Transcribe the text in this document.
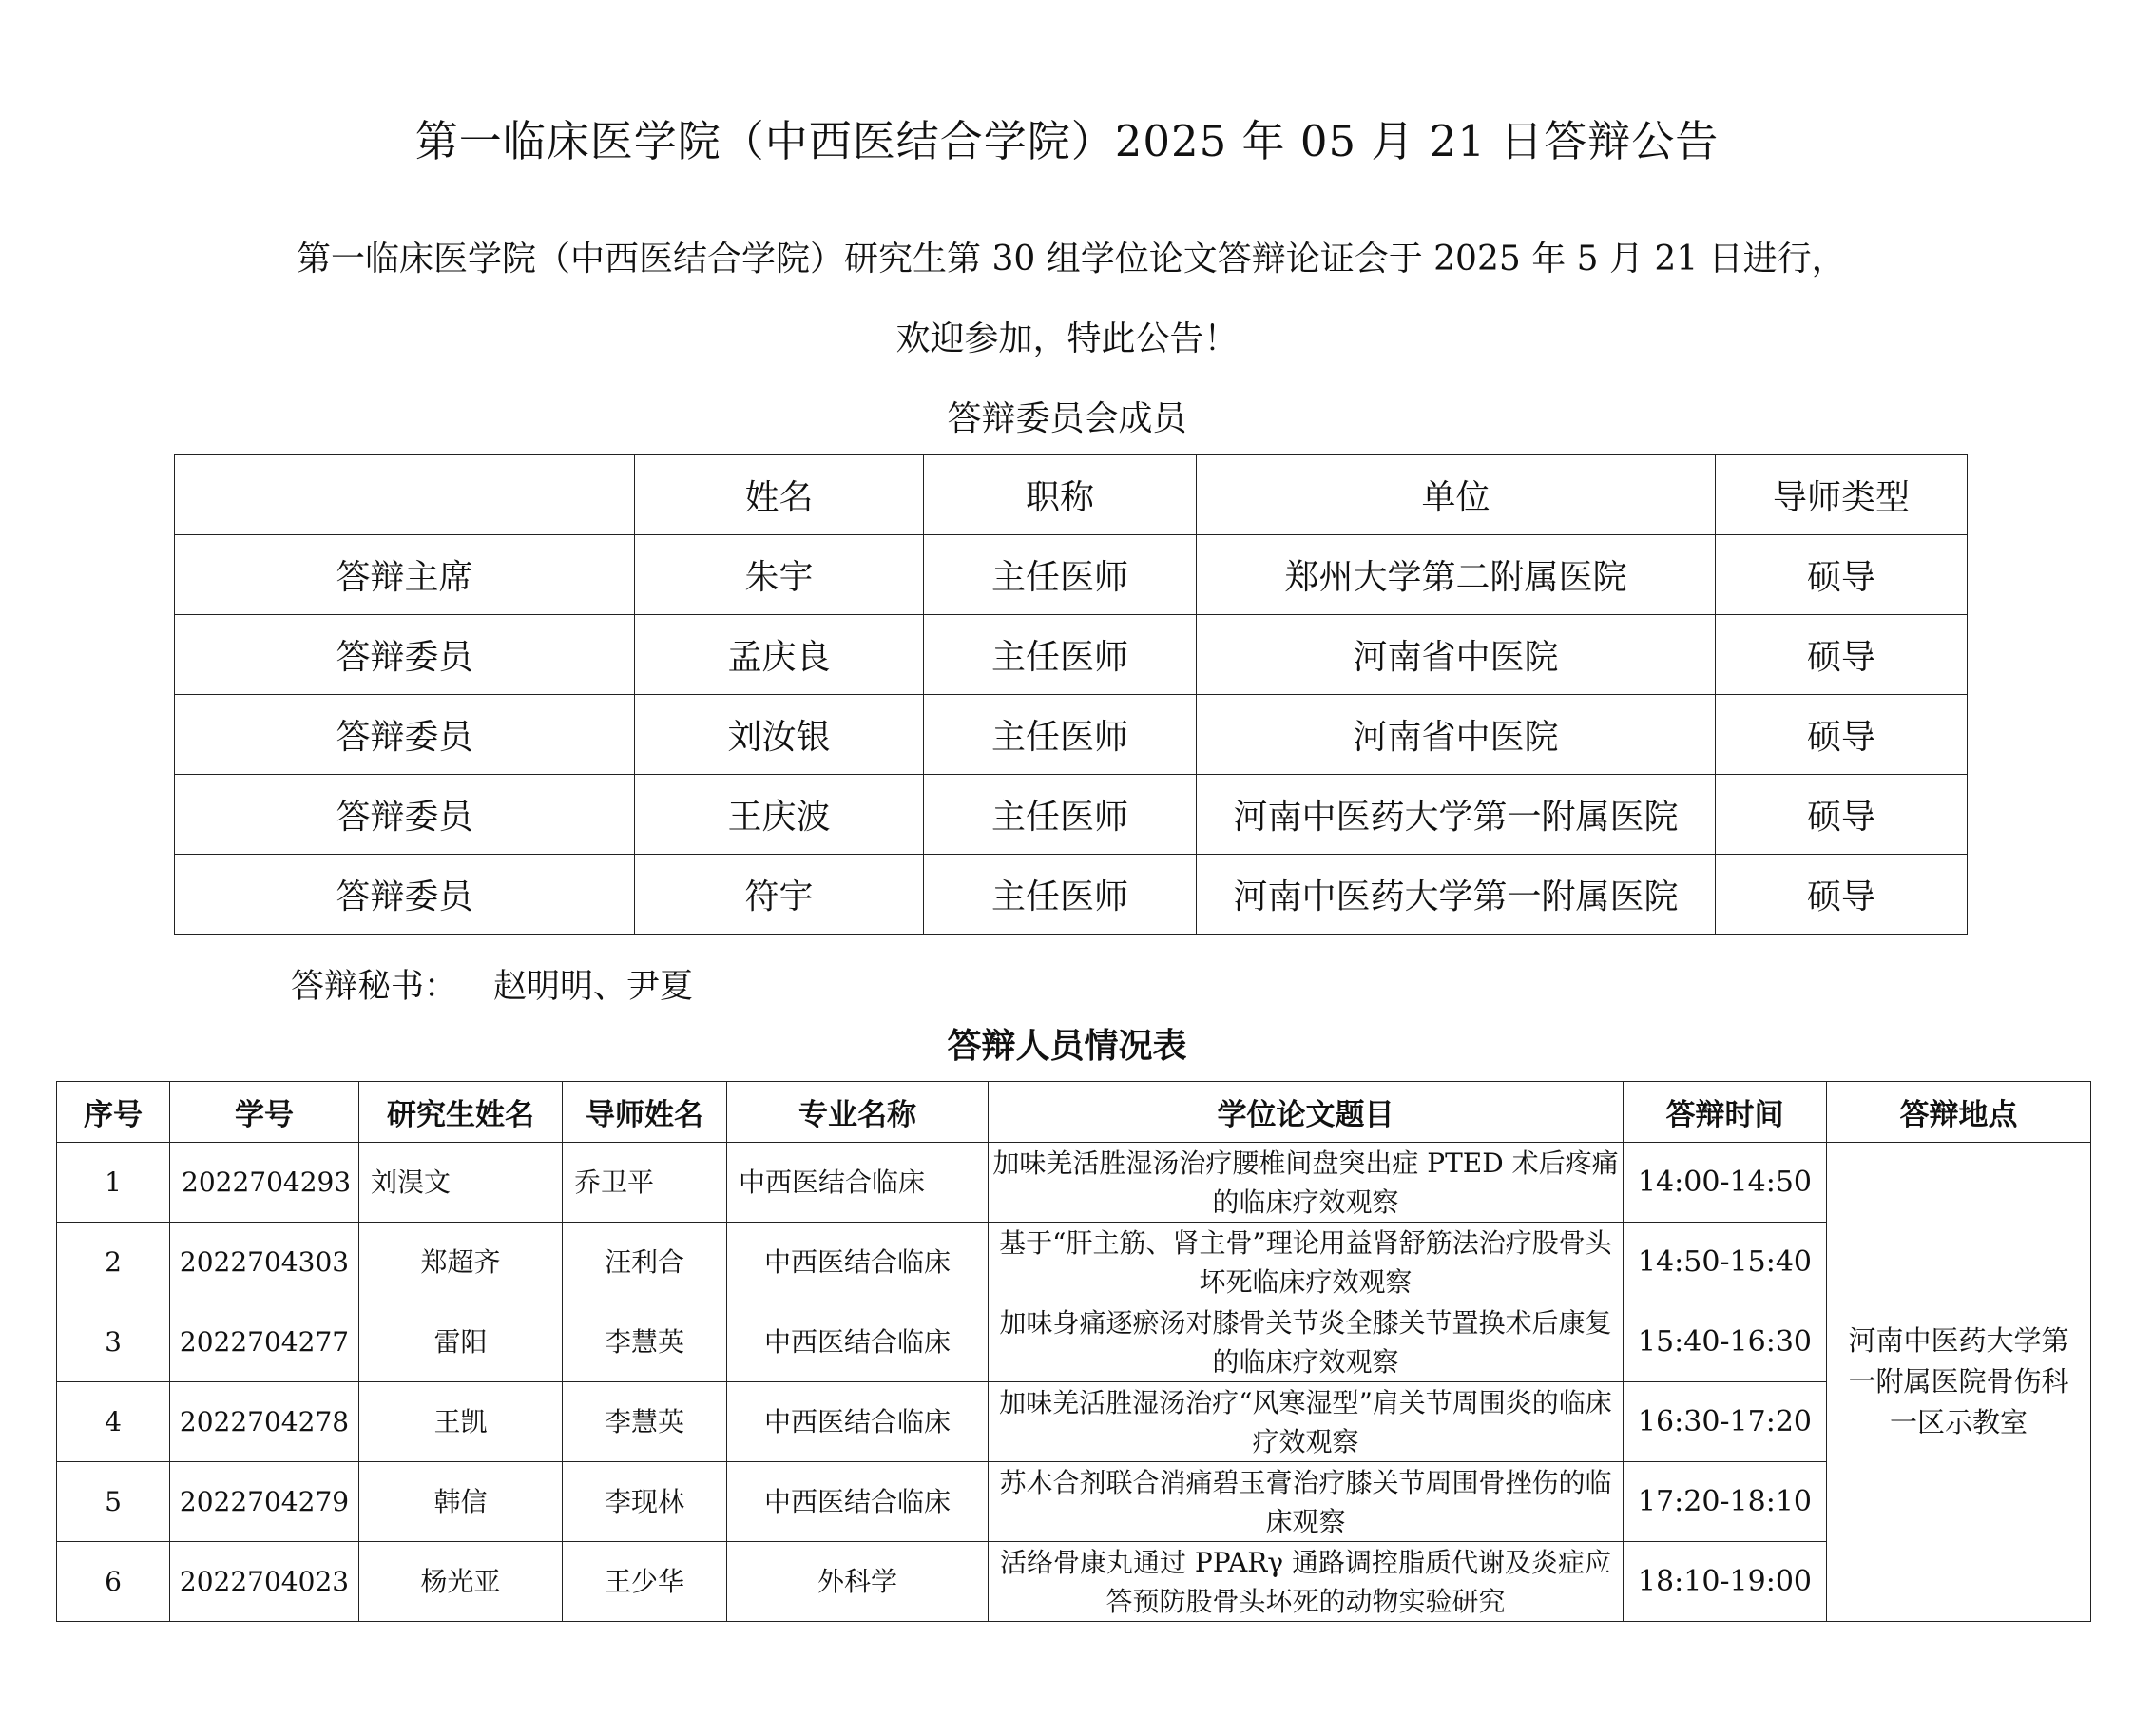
第一临床医学院（中西医结合学院）2025 年 05 月 21 日答辩公告
第一临床医学院（中西医结合学院）研究生第 30 组学位论文答辩论证会于 2025 年 5 月 21 日进行，
欢迎参加，特此公告！
答辩委员会成员
	姓名	职称	单位	导师类型
答辩主席	朱宇	主任医师	郑州大学第二附属医院	硕导
答辩委员	孟庆良	主任医师	河南省中医院	硕导
答辩委员	刘汝银	主任医师	河南省中医院	硕导
答辩委员	王庆波	主任医师	河南中医药大学第一附属医院	硕导
答辩委员	符宇	主任医师	河南中医药大学第一附属医院	硕导
答辩秘书： 赵明明、尹夏
答辩人员情况表
序号	学号	研究生姓名	导师姓名	专业名称	学位论文题目	答辩时间	答辩地点
1	2022704293	刘淏文	乔卫平	中西医结合临床	加味羌活胜湿汤治疗腰椎间盘突出症 PTED 术后疼痛的临床疗效观察	14:00-14:50	河南中医药大学第一附属医院骨伤科一区示教室
2	2022704303	郑超齐	汪利合	中西医结合临床	基于“肝主筋、肾主骨”理论用益肾舒筋法治疗股骨头坏死临床疗效观察	14:50-15:40	
3	2022704277	雷阳	李慧英	中西医结合临床	加味身痛逐瘀汤对膝骨关节炎全膝关节置换术后康复的临床疗效观察	15:40-16:30	
4	2022704278	王凯	李慧英	中西医结合临床	加味羌活胜湿汤治疗“风寒湿型”肩关节周围炎的临床疗效观察	16:30-17:20	
5	2022704279	韩信	李现林	中西医结合临床	苏木合剂联合消痛碧玉膏治疗膝关节周围骨挫伤的临床观察	17:20-18:10	
6	2022704023	杨光亚	王少华	外科学	活络骨康丸通过 PPARγ 通路调控脂质代谢及炎症应答预防股骨头坏死的动物实验研究	18:10-19:00	
